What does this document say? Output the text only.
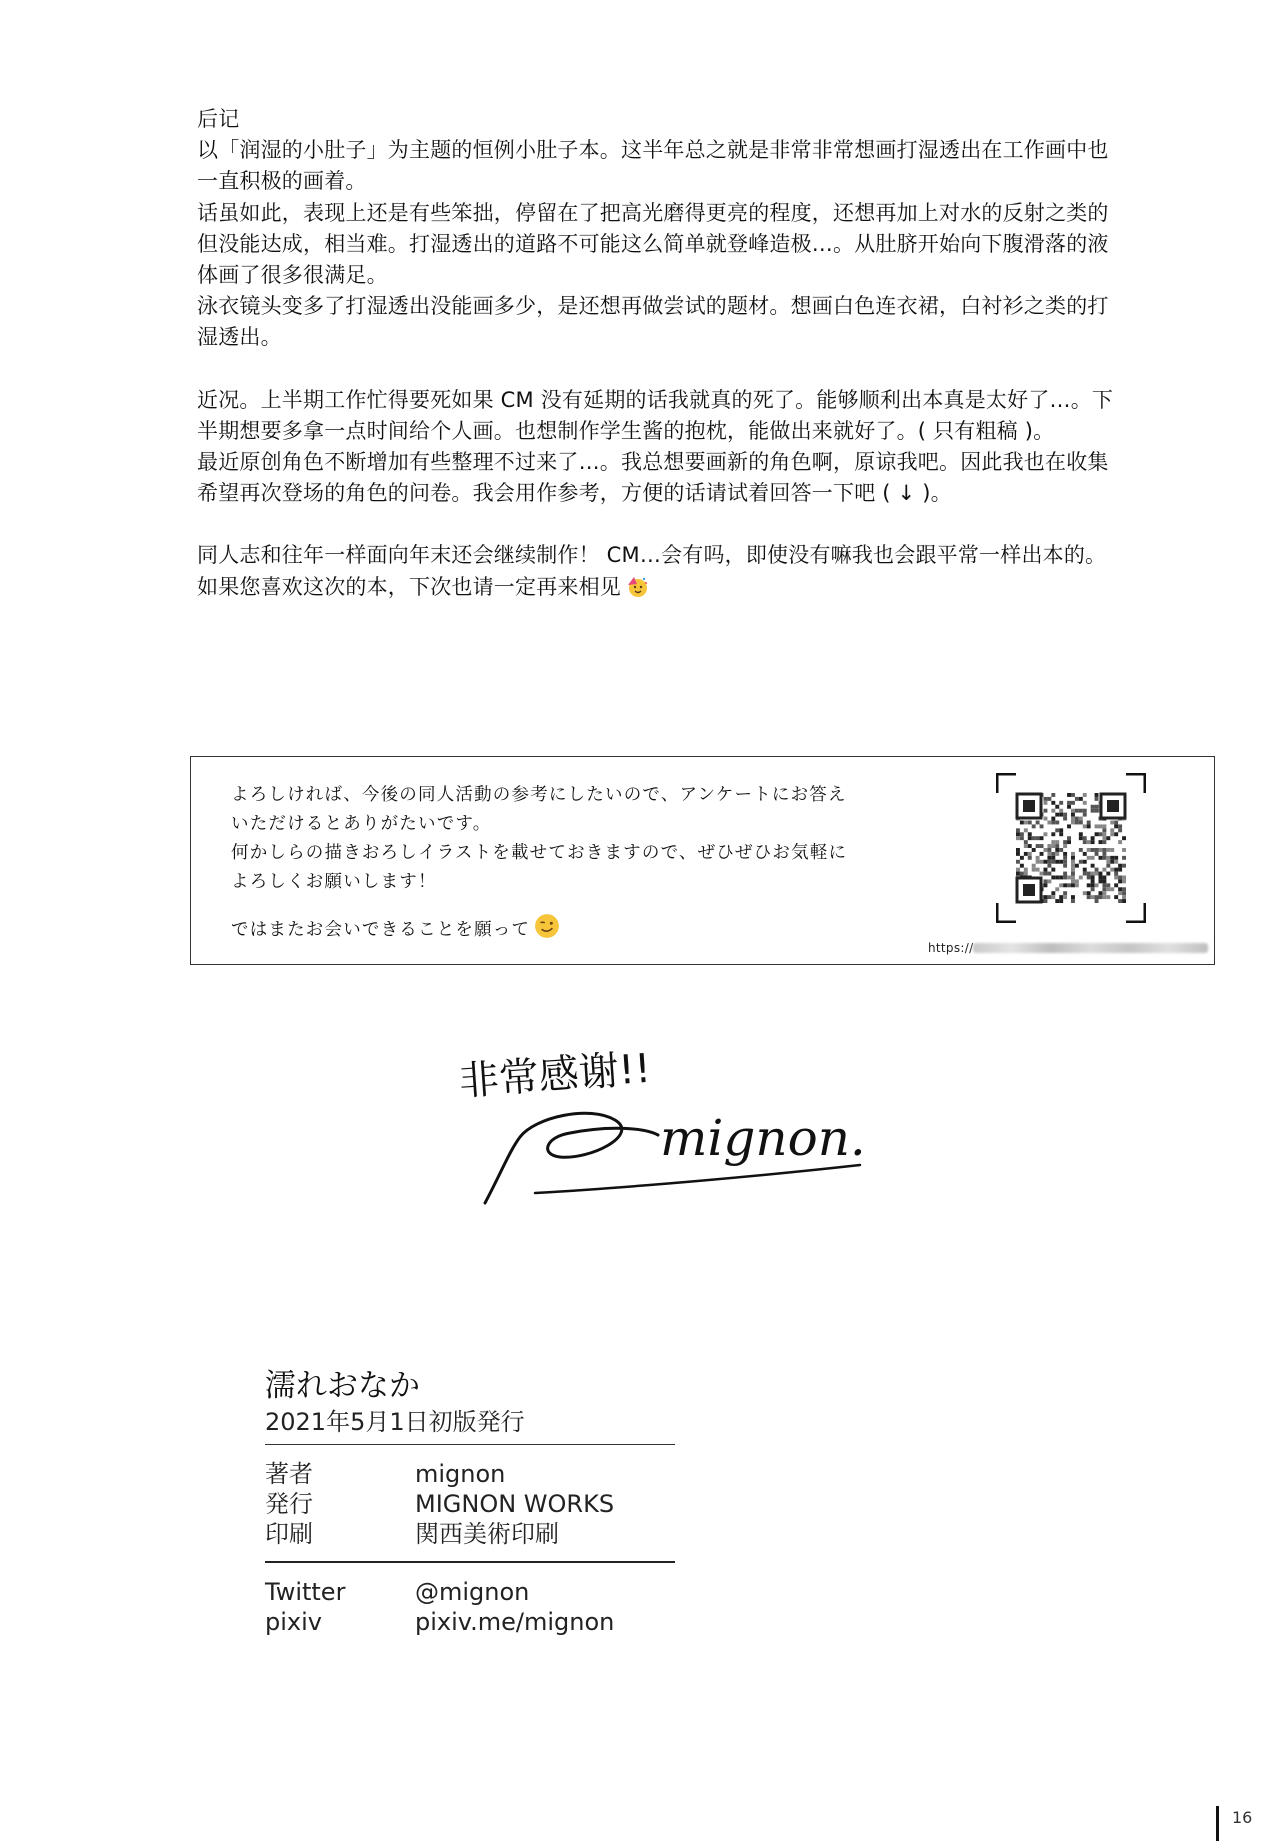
后记

以「润湿的小肚子」为主题的恒例小肚子本。这半年总之就是非常非常想画打湿透出在工作画中也

一直积极的画着。

话虽如此，表现上还是有些笨拙，停留在了把高光磨得更亮的程度，还想再加上对水的反射之类的

但没能达成，相当难。打湿透出的道路不可能这么简单就登峰造极…。从肚脐开始向下腹滑落的液

体画了很多很满足。

泳衣镜头变多了打湿透出没能画多少，是还想再做尝试的题材。想画白色连衣裙，白衬衫之类的打

湿透出。

近况。上半期工作忙得要死如果 CM 没有延期的话我就真的死了。能够顺利出本真是太好了…。下

半期想要多拿一点时间给个人画。也想制作学生酱的抱枕，能做出来就好了。( 只有粗稿 )。

最近原创角色不断增加有些整理不过来了…。我总想要画新的角色啊，原谅我吧。因此我也在收集

希望再次登场的角色的问卷。我会用作参考，方便的话请试着回答一下吧 ( ↓ )。

同人志和往年一样面向年末还会继续制作！ CM…会有吗，即使没有嘛我也会跟平常一样出本的。

如果您喜欢这次的本，下次也请一定再来相见

よろしければ、今後の同人活動の参考にしたいので、アンケートにお答え

いただけるとありがたいです。

何かしらの描きおろしイラストを載せておきますので、ぜひぜひお気軽に

よろしくお願いします！

ではまたお会いできることを願って

https://
非常感谢!!
mignon.
濡れおなか

2021年5月1日初版発行

著者	mignon
発行	MIGNON WORKS
印刷	関西美術印刷
Twitter	@mignon
pixiv	pixiv.me/mignon
16
